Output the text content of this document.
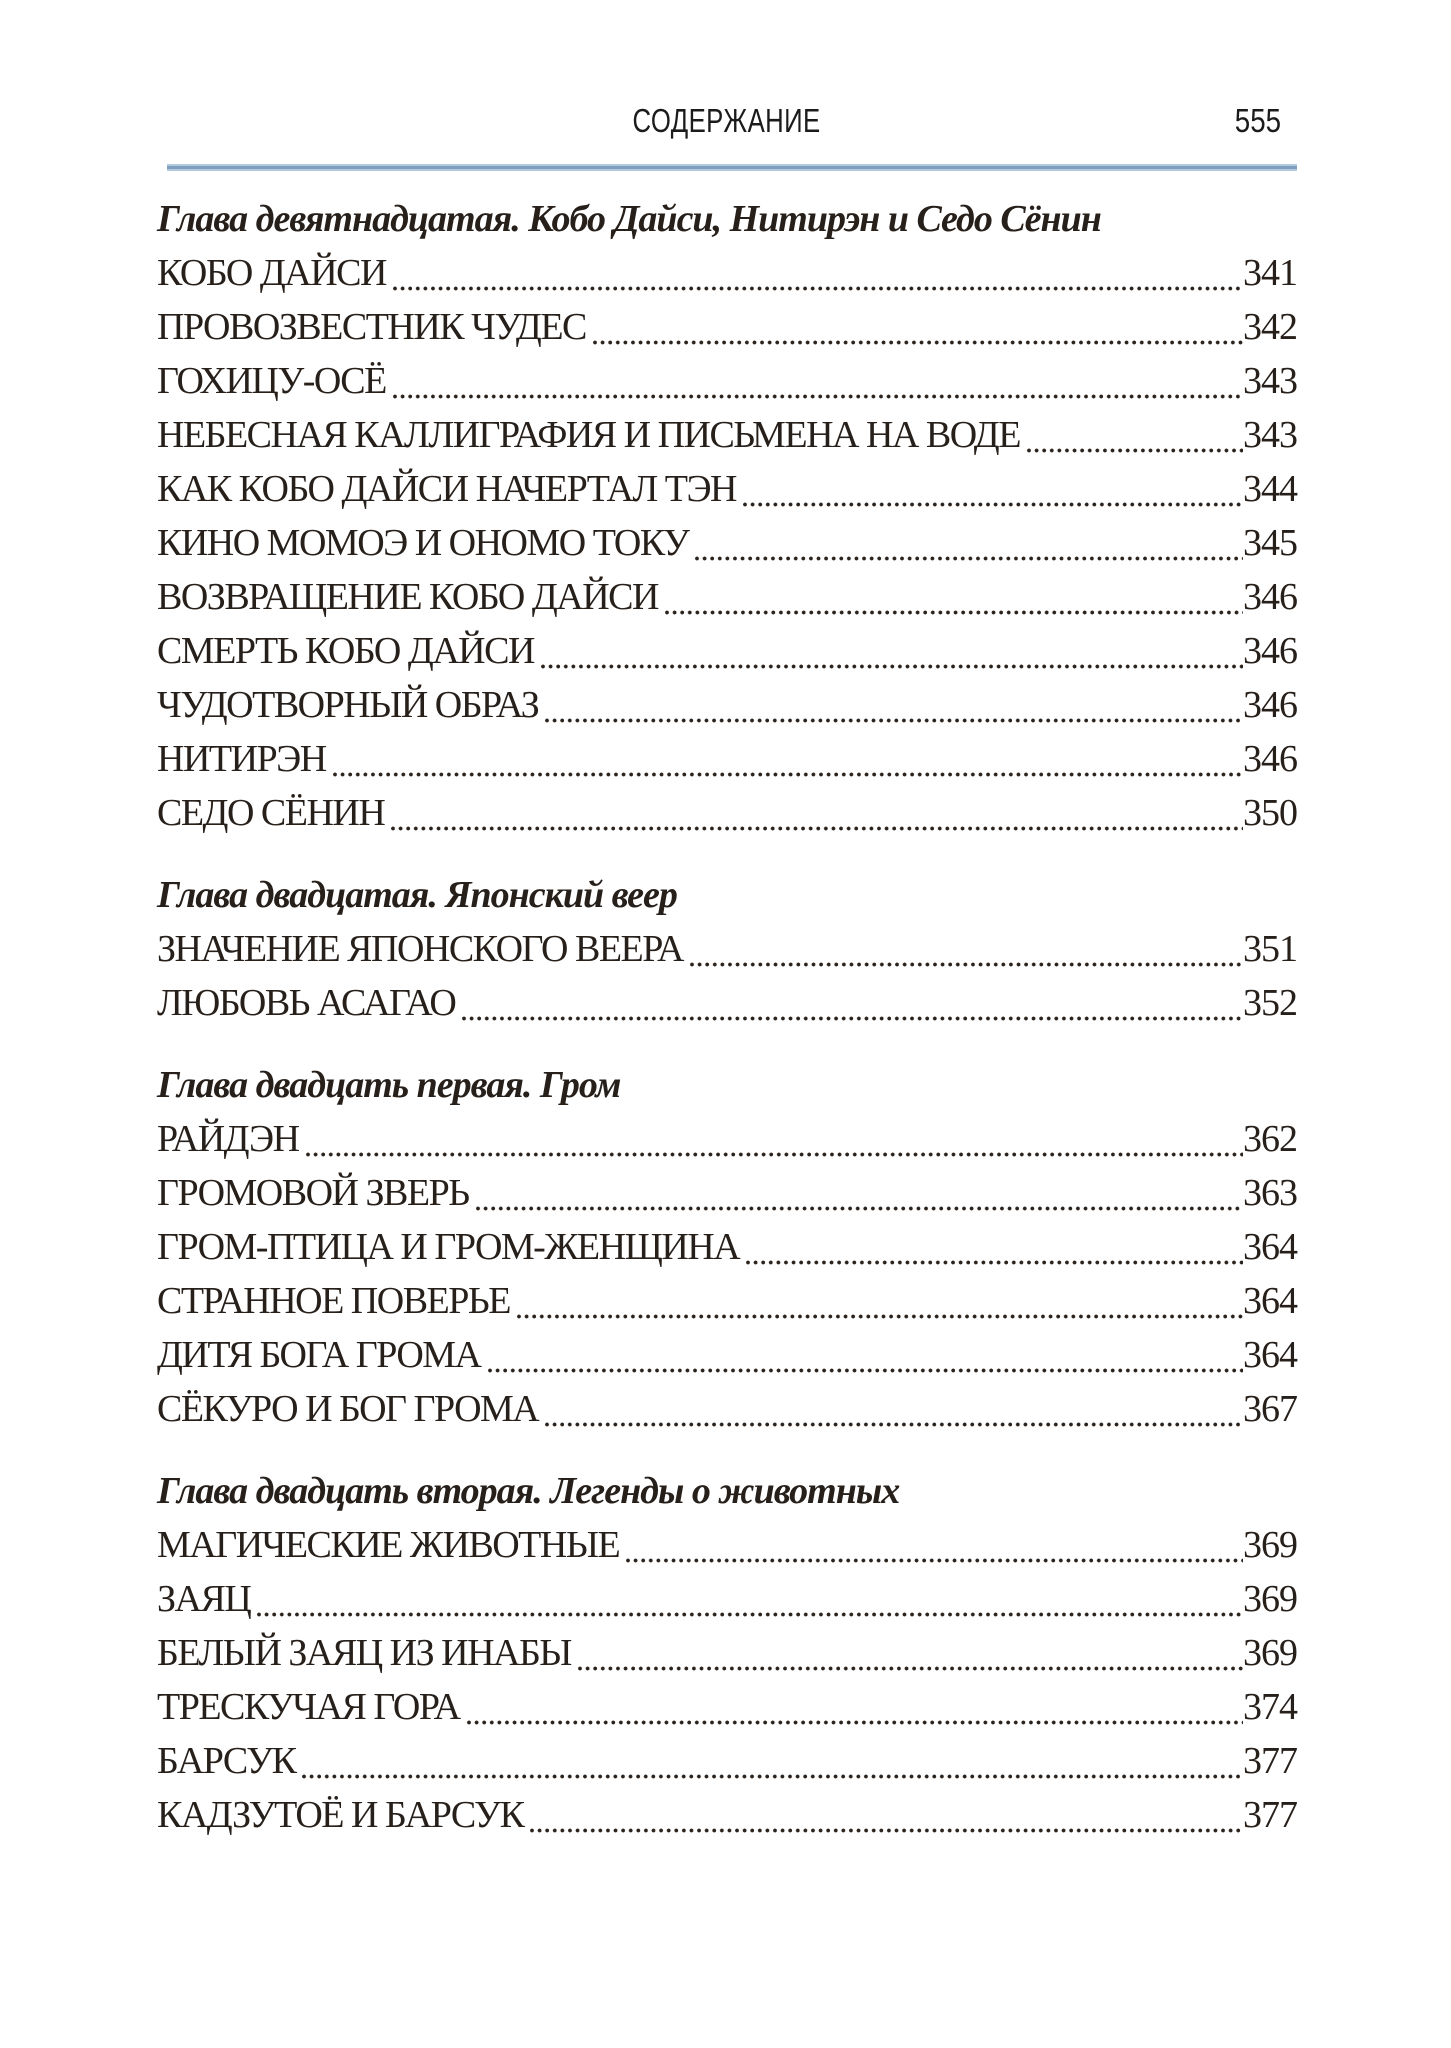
СОДЕРЖАНИЕ	555
Глава девятнадцатая. Кобо Дайси, Нитирэн и Седо Сёнин
КОБО ДАЙСИ	341
ПРОВОЗВЕСТНИК ЧУДЕС	342
ГОХИЦУ-ОСЁ	343
НЕБЕСНАЯ КАЛЛИГРАФИЯ И ПИСЬМЕНА НА ВОДЕ	343
КАК КОБО ДАЙСИ НАЧЕРТАЛ ТЭН	344
КИНО МОМОЭ И ОНОМО ТОКУ	345
ВОЗВРАЩЕНИЕ КОБО ДАЙСИ	346
СМЕРТЬ КОБО ДАЙСИ	346
ЧУДОТВОРНЫЙ ОБРАЗ	346
НИТИРЭН	346
СЕДО СЁНИН	350
Глава двадцатая. Японский веер
ЗНАЧЕНИЕ ЯПОНСКОГО ВЕЕРА	351
ЛЮБОВЬ АСАГАО	352
Глава двадцать первая. Гром
РАЙДЭН	362
ГРОМОВОЙ ЗВЕРЬ	363
ГРОМ-ПТИЦА И ГРОМ-ЖЕНЩИНА	364
СТРАННОЕ ПОВЕРЬЕ	364
ДИТЯ БОГА ГРОМА	364
СЁКУРО И БОГ ГРОМА	367
Глава двадцать вторая. Легенды о животных
МАГИЧЕСКИЕ ЖИВОТНЫЕ	369
ЗАЯЦ	369
БЕЛЫЙ ЗАЯЦ ИЗ ИНАБЫ	369
ТРЕСКУЧАЯ ГОРА	374
БАРСУК	377
КАДЗУТОЁ И БАРСУК	377
